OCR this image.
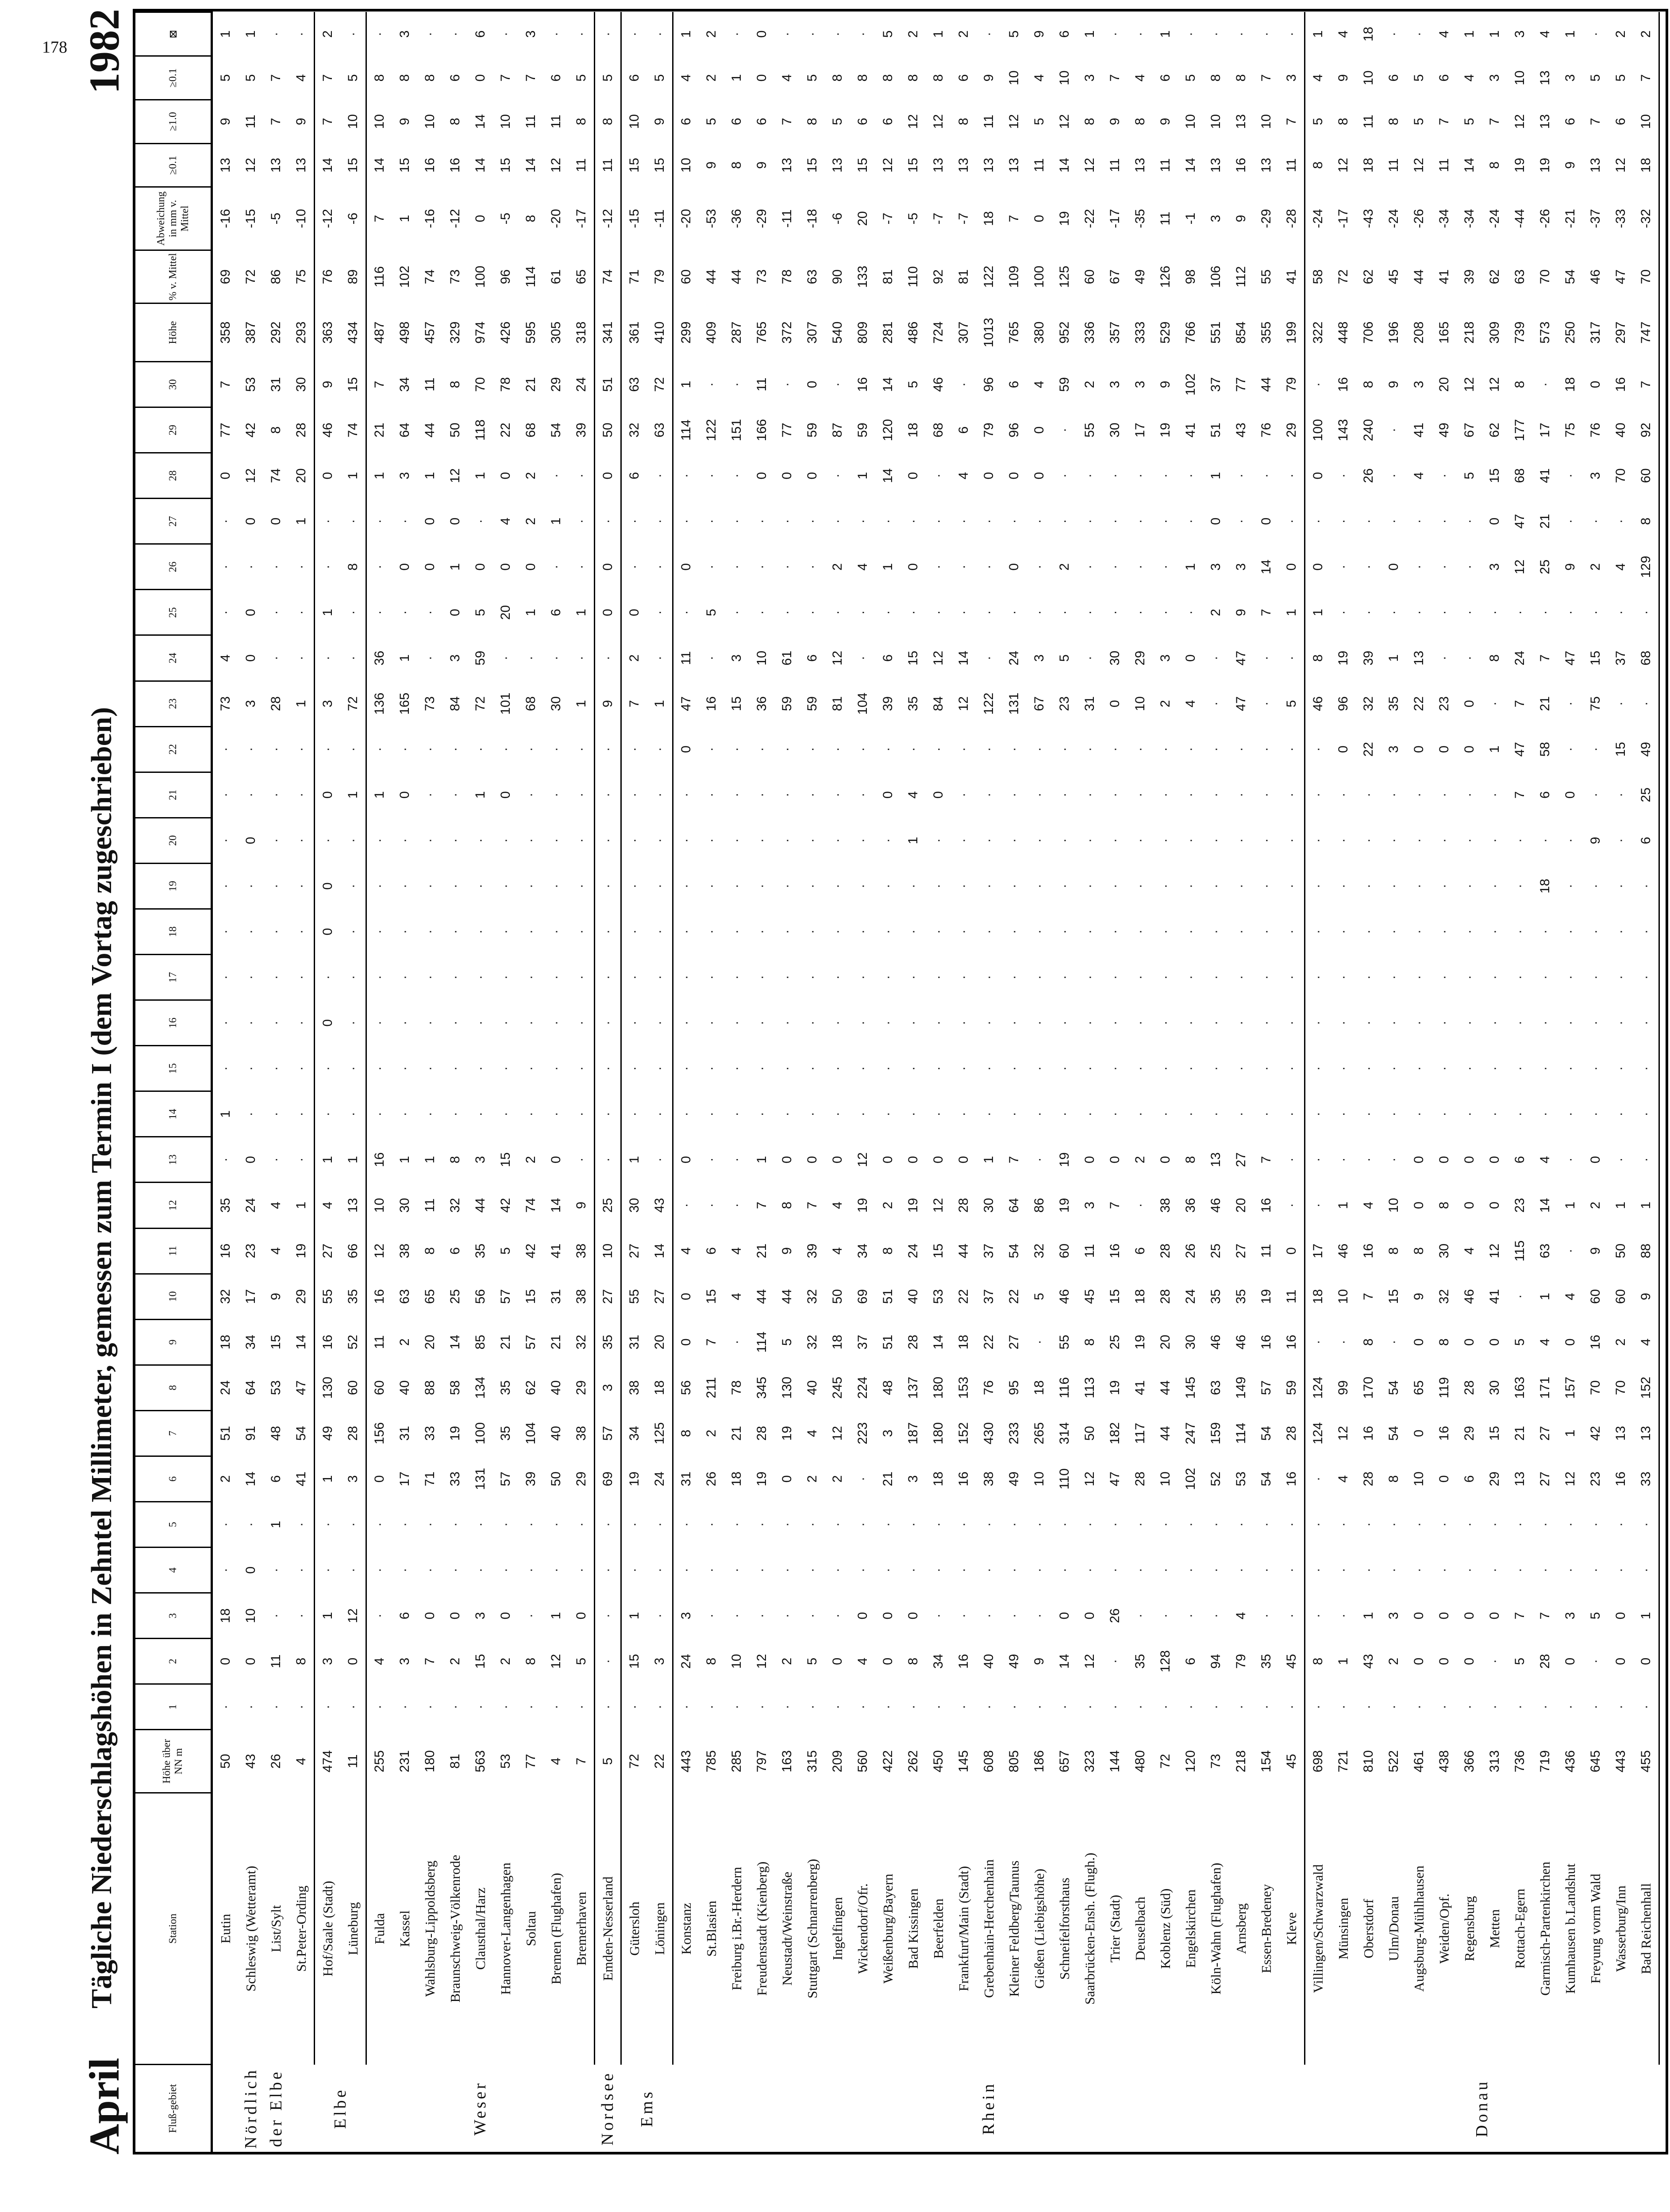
178
April
Tägliche Niederschlagshöhen in Zehntel Millimeter, gemessen zum Termin I (dem Vortag zugeschrieben)
1982
Fluß-gebiet	Station	Höhe über NN m	1	2	3	4	5	6	7	8	9	10	11	12	13	14	15	16	17	18	19	20	21	22	23	24	25	26	27	28	29	30	Höhe	% v. Mittel	Abweichung in mm v. Mittel	≥0.1	≥1.0	≥0.1	⊠
Nördlich der Elbe	Eutin	50	·	0	18	·	·	2	51	24	18	32	16	35	·	1	·	·	·	·	·	·	·	·	73	4	·	·	·	0	77	7	358	69	-16	13	9	5	1
	Schleswig (Wetteramt)	43	·	0	10	0	·	14	91	64	34	17	23	24	0	·	·	·	·	·	·	0	·	·	3	0	0	·	0	12	42	53	387	72	-15	12	11	5	1
	List/Sylt	26	·	11	·	·	1	6	48	53	15	9	4	4	·	·	·	·	·	·	·	·	·	·	28	·	·	·	0	74	8	31	292	86	-5	13	7	7	·
	St.Peter-Ording	4	·	8	·	·	·	41	54	47	14	29	19	1	·	·	·	·	·	·	·	·	·	·	1	·	·	·	1	20	28	30	293	75	-10	13	9	4	·
Elbe	Hof/Saale (Stadt)	474	·	3	1	·	·	1	49	130	16	55	27	4	1	·	·	0	·	0	0	·	0	·	3	·	1	·	·	0	46	9	363	76	-12	14	7	7	2
	Lüneburg	11	·	0	12	·	·	3	28	60	52	35	66	13	1	·	·	·	·	·	·	·	1	·	72	·	·	8	·	1	74	15	434	89	-6	15	10	5	·
Weser	Fulda	255	·	4	·	·	·	0	156	60	11	16	12	10	16	·	·	·	·	·	·	·	1	·	136	36	·	·	·	1	21	7	487	116	7	14	10	8	·
	Kassel	231	·	3	6	·	·	17	31	40	2	63	38	30	1	·	·	·	·	·	·	·	0	·	165	1	·	0	·	3	64	34	498	102	1	15	9	8	3
	Wahlsburg-Lippoldsberg	180	·	7	0	·	·	71	33	88	20	65	8	11	1	·	·	·	·	·	·	·	·	·	73	·	·	0	0	1	44	11	457	74	-16	16	10	8	·
	Braunschweig-Völkenrode	81	·	2	0	·	·	33	19	58	14	25	6	32	8	·	·	·	·	·	·	·	·	·	84	3	0	1	0	12	50	8	329	73	-12	16	8	6	·
	Clausthal/Harz	563	·	15	3	·	·	131	100	134	85	56	35	44	3	·	·	·	·	·	·	·	1	·	72	59	5	0	·	1	118	70	974	100	0	14	14	0	6
	Hannover-Langenhagen	53	·	2	0	·	·	57	35	35	21	57	5	42	15	·	·	·	·	·	·	·	0	·	101	·	20	0	4	0	22	78	426	96	-5	15	10	7	·
	Soltau	77	·	8	·	·	·	39	104	62	57	15	42	74	2	·	·	·	·	·	·	·	·	·	68	·	1	0	2	2	68	21	595	114	8	14	11	7	3
	Bremen (Flughafen)	4	·	12	1	·	·	50	40	40	21	31	41	14	0	·	·	·	·	·	·	·	·	·	30	·	6	·	1	·	54	29	305	61	-20	12	11	6	·
	Bremerhaven	7	·	5	0	·	·	29	38	29	32	38	38	9	·	·	·	·	·	·	·	·	·	·	1	·	1	·	·	·	39	24	318	65	-17	11	8	5	·
Nordsee	Emden-Nesserland	5	·	·	·	·	·	69	57	3	35	27	10	25	·	·	·	·	·	·	·	·	·	·	9	·	0	0	·	0	50	51	341	74	-12	11	8	5	·
Ems	Gütersloh	72	·	15	1	·	·	19	34	38	31	55	27	30	1	·	·	·	·	·	·	·	·	·	7	2	0	·	·	6	32	63	361	71	-15	15	10	6	·
	Löningen	22	·	3	·	·	·	24	125	18	20	27	14	43	·	·	·	·	·	·	·	·	·	·	1	·	·	·	·	·	63	72	410	79	-11	15	9	5	·
Rhein	Konstanz	443	·	24	3	·	·	31	8	56	0	0	4	·	0	·	·	·	·	·	·	·	·	0	47	11	·	0	·	·	114	1	299	60	-20	10	6	4	1
	St.Blasien	785	·	8	·	·	·	26	2	211	7	15	6	·	·	·	·	·	·	·	·	·	·	·	16	·	5	·	·	·	122	·	409	44	-53	9	5	2	2
	Freiburg i.Br.-Herdern	285	·	10	·	·	·	18	21	78	·	4	4	·	·	·	·	·	·	·	·	·	·	·	15	3	·	·	·	·	151	·	287	44	-36	8	6	1	·
	Freudenstadt (Kienberg)	797	·	12	·	·	·	19	28	345	114	44	21	7	1	·	·	·	·	·	·	·	·	·	36	10	·	·	·	0	166	11	765	73	-29	9	6	0	0
	Neustadt/Weinstraße	163	·	2	·	·	·	0	19	130	5	44	9	8	0	·	·	·	·	·	·	·	·	·	59	61	·	·	·	0	77	·	372	78	-11	13	7	4	·
	Stuttgart (Schnarrenberg)	315	·	5	·	·	·	2	4	40	32	32	39	7	0	·	·	·	·	·	·	·	·	·	59	6	·	·	·	0	59	0	307	63	-18	15	8	5	·
	Ingelfingen	209	·	0	·	·	·	2	12	245	18	50	4	4	0	·	·	·	·	·	·	·	·	·	81	12	·	2	·	·	87	·	540	90	-6	13	5	8	·
	Wickendorf/Ofr.	560	·	4	0	·	·	·	223	224	37	69	34	19	12	·	·	·	·	·	·	·	·	·	104	·	·	4	·	1	59	16	809	133	20	15	6	8	·
	Weißenburg/Bayern	422	·	0	0	·	·	21	3	48	51	51	8	2	0	·	·	·	·	·	·	·	0	·	39	6	·	1	·	14	120	14	281	81	-7	12	6	8	5
	Bad Kissingen	262	·	8	0	·	·	3	187	137	28	40	24	19	0	·	·	·	·	·	·	1	4	·	35	15	·	0	·	0	18	5	486	110	-5	15	12	8	2
	Beerfelden	450	·	34	·	·	·	18	180	180	14	53	15	12	0	·	·	·	·	·	·	·	0	·	84	12	·	·	·	·	68	46	724	92	-7	13	12	8	1
	Frankfurt/Main (Stadt)	145	·	16	·	·	·	16	152	153	18	22	44	28	0	·	·	·	·	·	·	·	·	·	12	14	·	·	·	4	6	·	307	81	-7	13	8	6	2
	Grebenhain-Herchenhain	608	·	40	·	·	·	38	430	76	22	37	37	30	1	·	·	·	·	·	·	·	·	·	122	·	·	·	·	0	79	96	1013	122	18	13	11	9	·
	Kleiner Feldberg/Taunus	805	·	49	·	·	·	49	233	95	27	22	54	64	7	·	·	·	·	·	·	·	·	·	131	24	·	0	·	0	96	6	765	109	7	13	12	10	5
	Gießen (Liebigshöhe)	186	·	9	·	·	·	10	265	18	·	5	32	86	·	·	·	·	·	·	·	·	·	·	67	3	·	·	·	0	0	4	380	100	0	11	5	4	9
	Schneifelforsthaus	657	·	14	0	·	·	110	314	116	55	46	60	19	19	·	·	·	·	·	·	·	·	·	23	5	·	2	·	·	·	59	952	125	19	14	12	10	6
	Saarbrücken-Ensh. (Flugh.)	323	·	12	0	·	·	12	50	113	8	45	11	3	0	·	·	·	·	·	·	·	·	·	31	·	·	·	·	·	55	2	336	60	-22	12	8	3	1
	Trier (Stadt)	144	·	·	26	·	·	47	182	19	25	15	16	7	0	·	·	·	·	·	·	·	·	·	0	30	·	·	·	·	30	3	357	67	-17	11	9	7	·
	Deuselbach	480	·	35	·	·	·	28	117	41	19	18	6	·	2	·	·	·	·	·	·	·	·	·	10	29	·	·	·	·	17	3	333	49	-35	13	8	4	·
	Koblenz (Süd)	72	·	128	·	·	·	10	44	44	20	28	28	38	0	·	·	·	·	·	·	·	·	·	2	3	·	·	·	·	19	9	529	126	11	11	9	6	1
	Engelskirchen	120	·	6	·	·	·	102	247	145	30	24	26	36	8	·	·	·	·	·	·	·	·	·	4	0	·	1	·	·	41	102	766	98	-1	14	10	5	·
	Köln-Wahn (Flughafen)	73	·	94	·	·	·	52	159	63	46	35	25	46	13	·	·	·	·	·	·	·	·	·	·	·	2	3	0	1	51	37	551	106	3	13	10	8	·
	Arnsberg	218	·	79	4	·	·	53	114	149	46	35	27	20	27	·	·	·	·	·	·	·	·	·	47	47	9	3	·	·	43	77	854	112	9	16	13	8	·
	Essen-Bredeney	154	·	35	·	·	·	54	54	57	16	19	11	16	7	·	·	·	·	·	·	·	·	·	·	·	7	14	0	·	76	44	355	55	-29	13	10	7	·
	Kleve	45	·	45	·	·	·	16	28	59	16	11	0	·	·	·	·	·	·	·	·	·	·	·	5	·	1	0	·	·	29	79	199	41	-28	11	7	3	·
Donau	Villingen/Schwarzwald	698	·	8	·	·	·	·	124	124	·	18	17	·	·	·	·	·	·	·	·	·	·	·	46	8	1	0	·	0	100	·	322	58	-24	8	5	4	1
	Münsingen	721	·	1	·	·	·	4	12	99	·	10	46	1	·	·	·	·	·	·	·	·	·	0	96	19	·	·	·	·	143	16	448	72	-17	12	8	9	4
	Oberstdorf	810	·	43	1	·	·	28	16	170	8	7	16	4	·	·	·	·	·	·	·	·	·	22	32	39	·	·	·	26	240	8	706	62	-43	18	11	10	18
	Ulm/Donau	522	·	2	3	·	·	8	54	54	·	15	8	10	·	·	·	·	·	·	·	·	·	3	35	1	·	0	·	·	·	9	196	45	-24	11	8	6	·
	Augsburg-Mühlhausen	461	·	0	0	·	·	10	0	65	0	9	8	0	0	·	·	·	·	·	·	·	·	0	22	13	·	·	·	4	41	3	208	44	-26	12	5	5	·
	Weiden/Opf.	438	·	0	0	·	·	0	16	119	8	32	30	8	0	·	·	·	·	·	·	·	·	0	23	·	·	·	·	·	49	20	165	41	-34	11	7	6	4
	Regensburg	366	·	0	0	·	·	6	29	28	0	46	4	0	0	·	·	·	·	·	·	·	·	0	0	·	·	·	·	5	67	12	218	39	-34	14	5	4	1
	Metten	313	·	·	0	·	·	29	15	30	0	41	12	0	0	·	·	·	·	·	·	·	·	1	·	8	·	3	0	15	62	12	309	62	-24	8	7	3	1
	Rottach-Egern	736	·	5	7	·	·	13	21	163	5	·	115	23	6	·	·	·	·	·	·	·	7	47	7	24	·	12	47	68	177	8	739	63	-44	19	12	10	3
	Garmisch-Partenkirchen	719	·	28	7	·	·	27	27	171	4	1	63	14	4	·	·	·	·	·	18	·	6	58	21	7	·	25	21	41	17	·	573	70	-26	19	13	13	4
	Kumhausen b.Landshut	436	·	0	3	·	·	12	1	157	0	4	·	1	·	·	·	·	·	·	·	·	0	·	·	47	·	9	·	·	75	18	250	54	-21	9	6	3	1
	Freyung vorm Wald	645	·	·	5	·	·	23	42	70	16	60	9	2	0	·	·	·	·	·	·	9	·	·	75	15	·	2	·	3	76	0	317	46	-37	13	7	5	·
	Wasserburg/Inn	443	·	0	0	·	·	16	13	70	2	60	50	1	·	·	·	·	·	·	·	·	·	15	·	37	·	4	·	70	40	16	297	47	-33	12	6	5	2
	Bad Reichenhall	455	·	0	1	·	·	33	13	152	4	9	88	1	·	·	·	·	·	·	·	6	25	49	·	68	·	129	8	60	92	7	747	70	-32	18	10	7	2
